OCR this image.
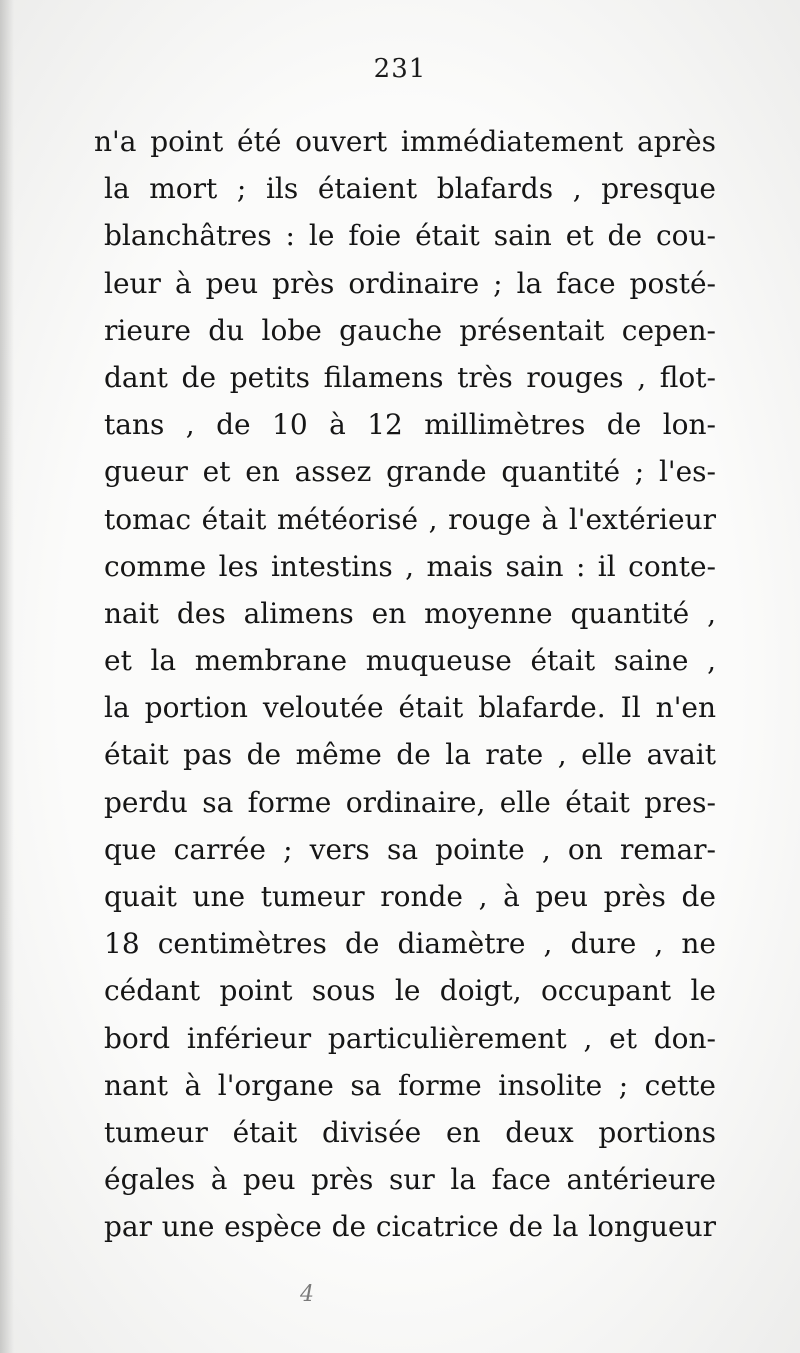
231
n'a point été ouvert immédiatement après
la mort ; ils étaient blafards , presque
blanchâtres : le foie était sain et de cou-
leur à peu près ordinaire ; la face posté-
rieure du lobe gauche présentait cepen-
dant de petits filamens très rouges , flot-
tans , de 10 à 12 millimètres de lon-
gueur et en assez grande quantité ; l'es-
tomac était météorisé , rouge à l'extérieur
comme les intestins , mais sain : il conte-
nait des alimens en moyenne quantité ,
et la membrane muqueuse était saine ,
la portion veloutée était blafarde. Il n'en
était pas de même de la rate , elle avait
perdu sa forme ordinaire, elle était pres-
que carrée ; vers sa pointe , on remar-
quait une tumeur ronde , à peu près de
18 centimètres de diamètre , dure , ne
cédant point sous le doigt, occupant le
bord inférieur particulièrement , et don-
nant à l'organe sa forme insolite ; cette
tumeur était divisée en deux portions
égales à peu près sur la face antérieure
par une espèce de cicatrice de la longueur
4
